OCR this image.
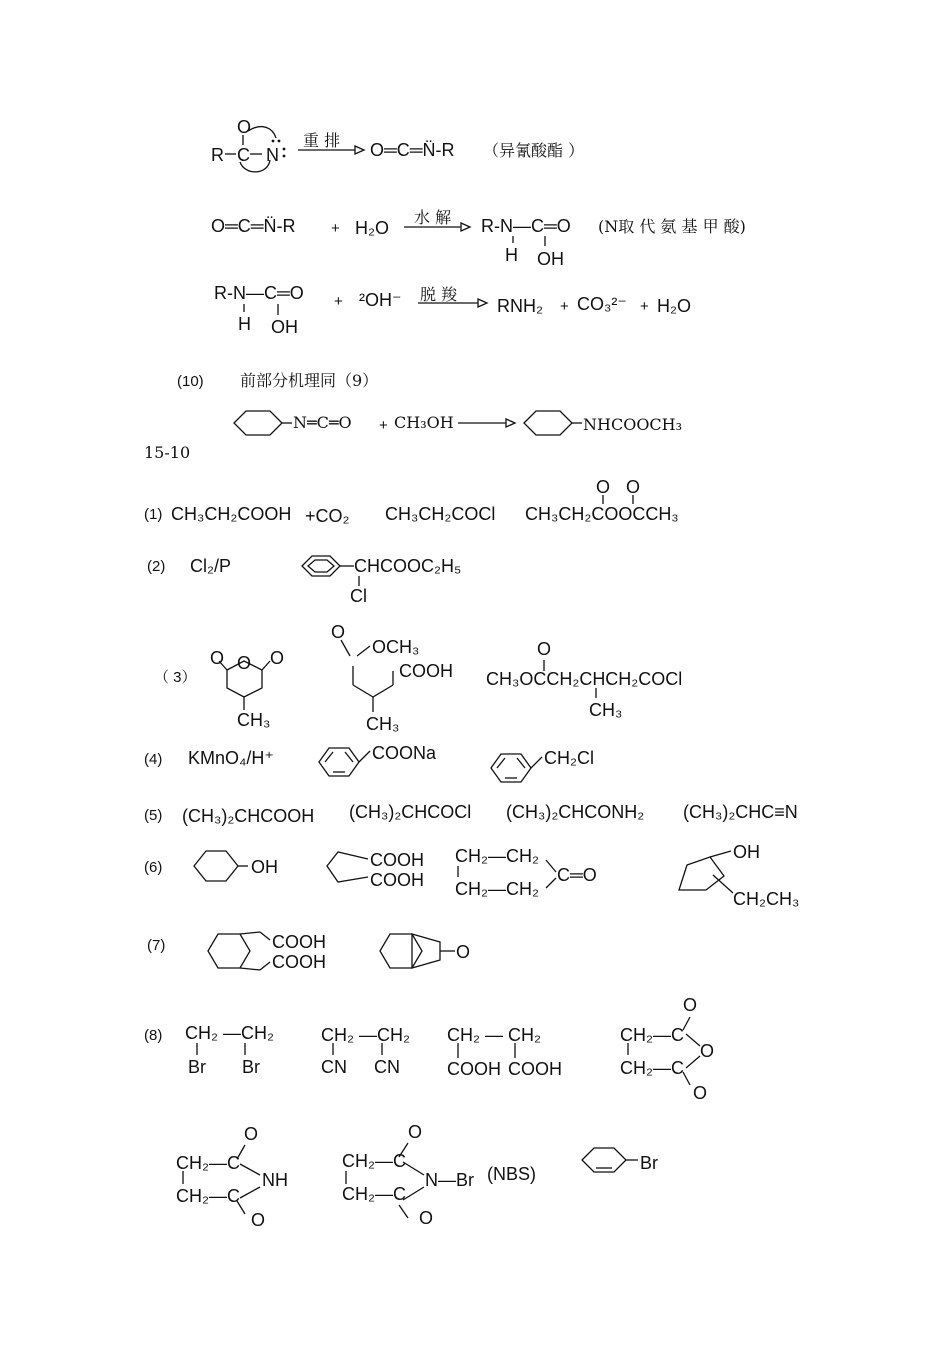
R C
O
N
重 排 O═C═N̈-R （异氰酸酯 ）
O═C═N̈-R + H₂O
水 解 R-N—C═O
H OH
(N取 代 氨 基 甲 酸)
R-N—C═O
H OH
+ ²OH⁻ 脱 羧
RNH₂ + CO₃²⁻ + H₂O
(10) 前部分机理同（9）
N═C═O + CH₃OH	NHCOOCH₃
15-10
(1) CH₃CH₂COOH +CO₂ CH₃CH₂COCl CH₃CH₂COOCCH₃
O O
(2) Cl₂/P	CHCOOC₂H₅
Cl
（ 3）
O O O
CH₃
O
OCH₃
COOH
CH₃
CH₃OCCH₂CHCH₂COCl
O
CH₃
(4) KMnO₄/H⁺	COONa	CH₂Cl
(5) (CH₃)₂CHCOOH (CH₃)₂CHCOCl (CH₃)₂CHCONH₂ (CH₃)₂CHC≡N
(6)	OH	COOH
COOH
CH₂—CH₂
CH₂—CH₂
C═O
OH
CH₂CH₃
(7)	COOH
COOH	O
(8) CH₂ —CH₂
Br Br
CH₂ —CH₂
CN CN
CH₂ — CH₂
COOH COOH
CH₂—C
CH₂—C
O
O
O
CH₂—C
CH₂—C
NH
O
O
CH₂—C
CH₂—C
N—Br
O
O
(NBS)
Br
